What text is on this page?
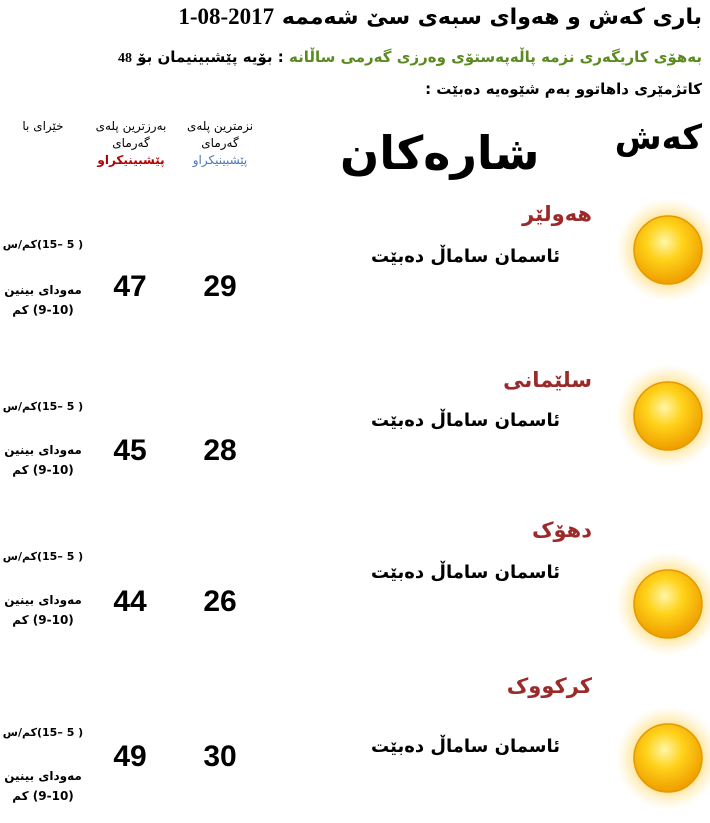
باری کەش و هەوای سبەی سێ شەممە 2017-08-1
بەهۆی کاریگەری نزمە پاڵەپەستۆی وەرزی گەرمی ساڵانە : بۆیە پێشبینیمان بۆ 48
کاتژمێری داهاتوو بەم شێوەیە دەبێت :
کەش
شارەکان
نزمترین پلەی
گەرمای
پێشبینیکراو
بەرزترین پلەی
گەرمای
پێشبینیکراو
خێرای با
هەولێر
ئاسمان ساماڵ دەبێت
29
47
( 5 –15)کم/س
مەودای بینین
(9-10) کم
سلێمانی
ئاسمان ساماڵ دەبێت
28
45
( 5 –15)کم/س
مەودای بینین
(9-10) کم
دهۆک
ئاسمان ساماڵ دەبێت
26
44
( 5 –15)کم/س
مەودای بینین
(9-10) کم
کرکووک
ئاسمان ساماڵ دەبێت
30
49
( 5 –15)کم/س
مەودای بینین
(9-10) کم
